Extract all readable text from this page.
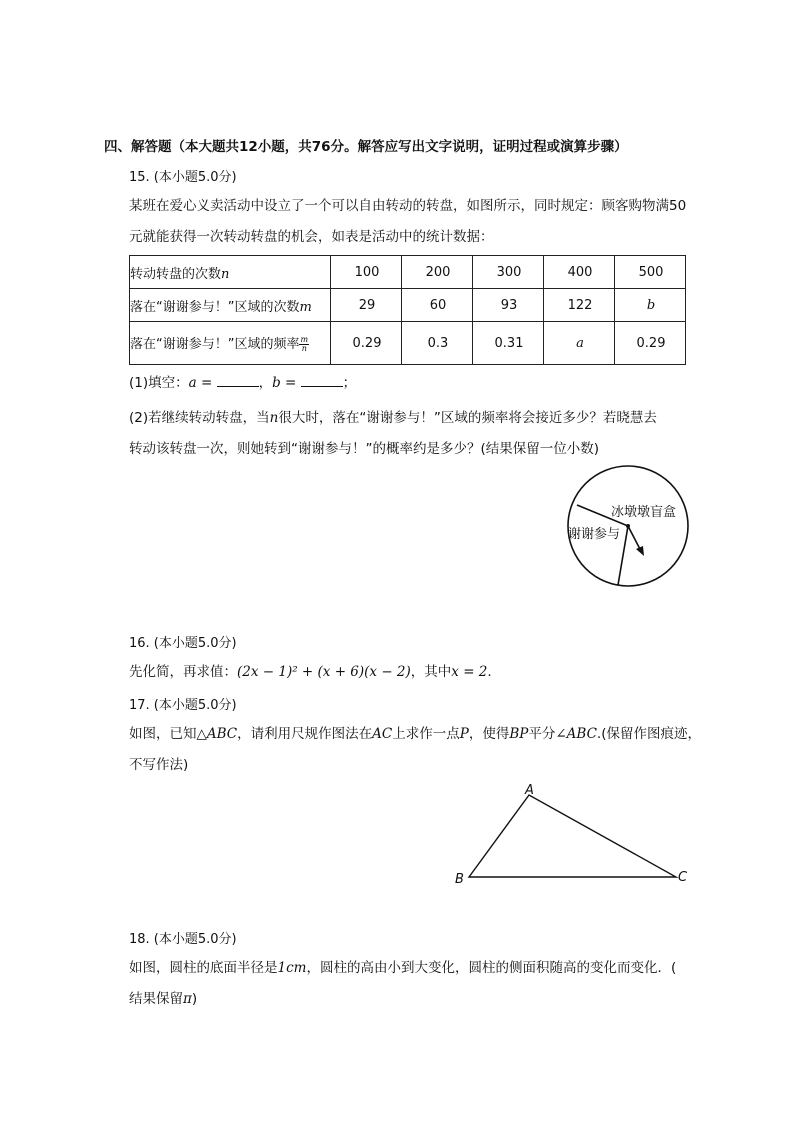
四、解答题（本大题共12小题，共76分。解答应写出文字说明，证明过程或演算步骤）
15. (本小题5.0分)
某班在爱心义卖活动中设立了一个可以自由转动的转盘，如图所示，同时规定：顾客购物满50
元就能获得一次转动转盘的机会，如表是活动中的统计数据：
转动转盘的次数n	100	200	300	400	500
落在“谢谢参与！”区域的次数m	29	60	93	122	b
落在“谢谢参与！”区域的频率 $\frac{m}{n}$	0.29	0.3	0.31	a	0.29
(1)填空：a =	，b =	；
(2)若继续转动转盘，当n很大时，落在“谢谢参与！”区域的频率将会接近多少？若晓慧去
转动该转盘一次，则她转到“谢谢参与！”的概率约是多少？(结果保留一位小数)
冰墩墩盲盒
谢谢参与
16. (本小题5.0分)
先化简，再求值：(2x − 1)² + (x + 6)(x − 2)，其中x = 2.
17. (本小题5.0分)
如图，已知△ABC，请利用尺规作图法在AC上求作一点P，使得BP平分∠ABC.(保留作图痕迹，
不写作法)
A
B	C
18. (本小题5.0分)
如图，圆柱的底面半径是1cm，圆柱的高由小到大变化，圆柱的侧面积随高的变化而变化．(
结果保留π)
